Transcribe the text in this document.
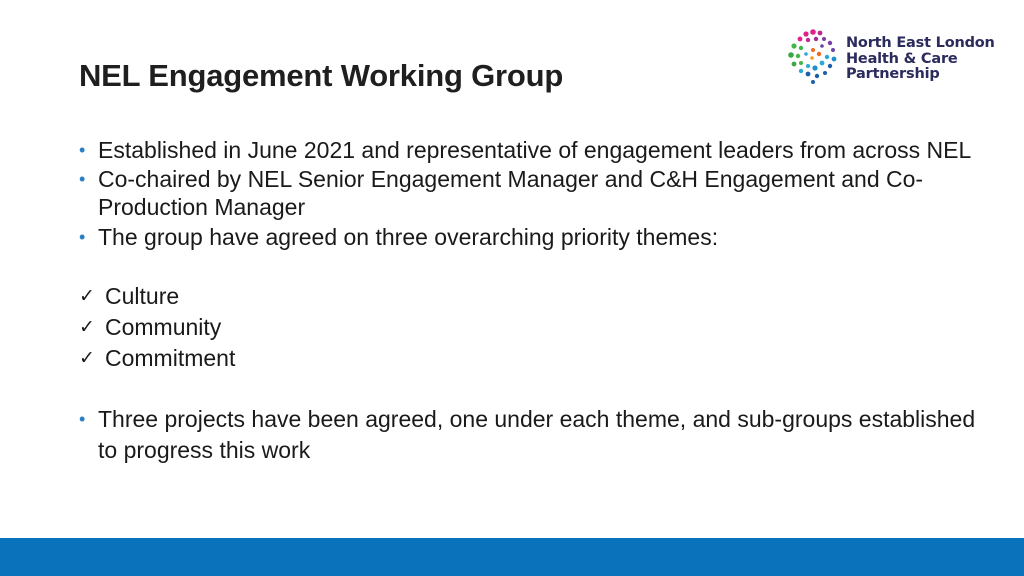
NEL Engagement Working Group
North East London
Health & Care
Partnership
• Established in June 2021 and representative of engagement leaders from across NEL
• Co-chaired by NEL Senior Engagement Manager and C&H Engagement and Co-Production Manager
• The group have agreed on three overarching priority themes:
✓ Culture
✓ Community
✓ Commitment
• Three projects have been agreed, one under each theme, and sub-groups established to progress this work
